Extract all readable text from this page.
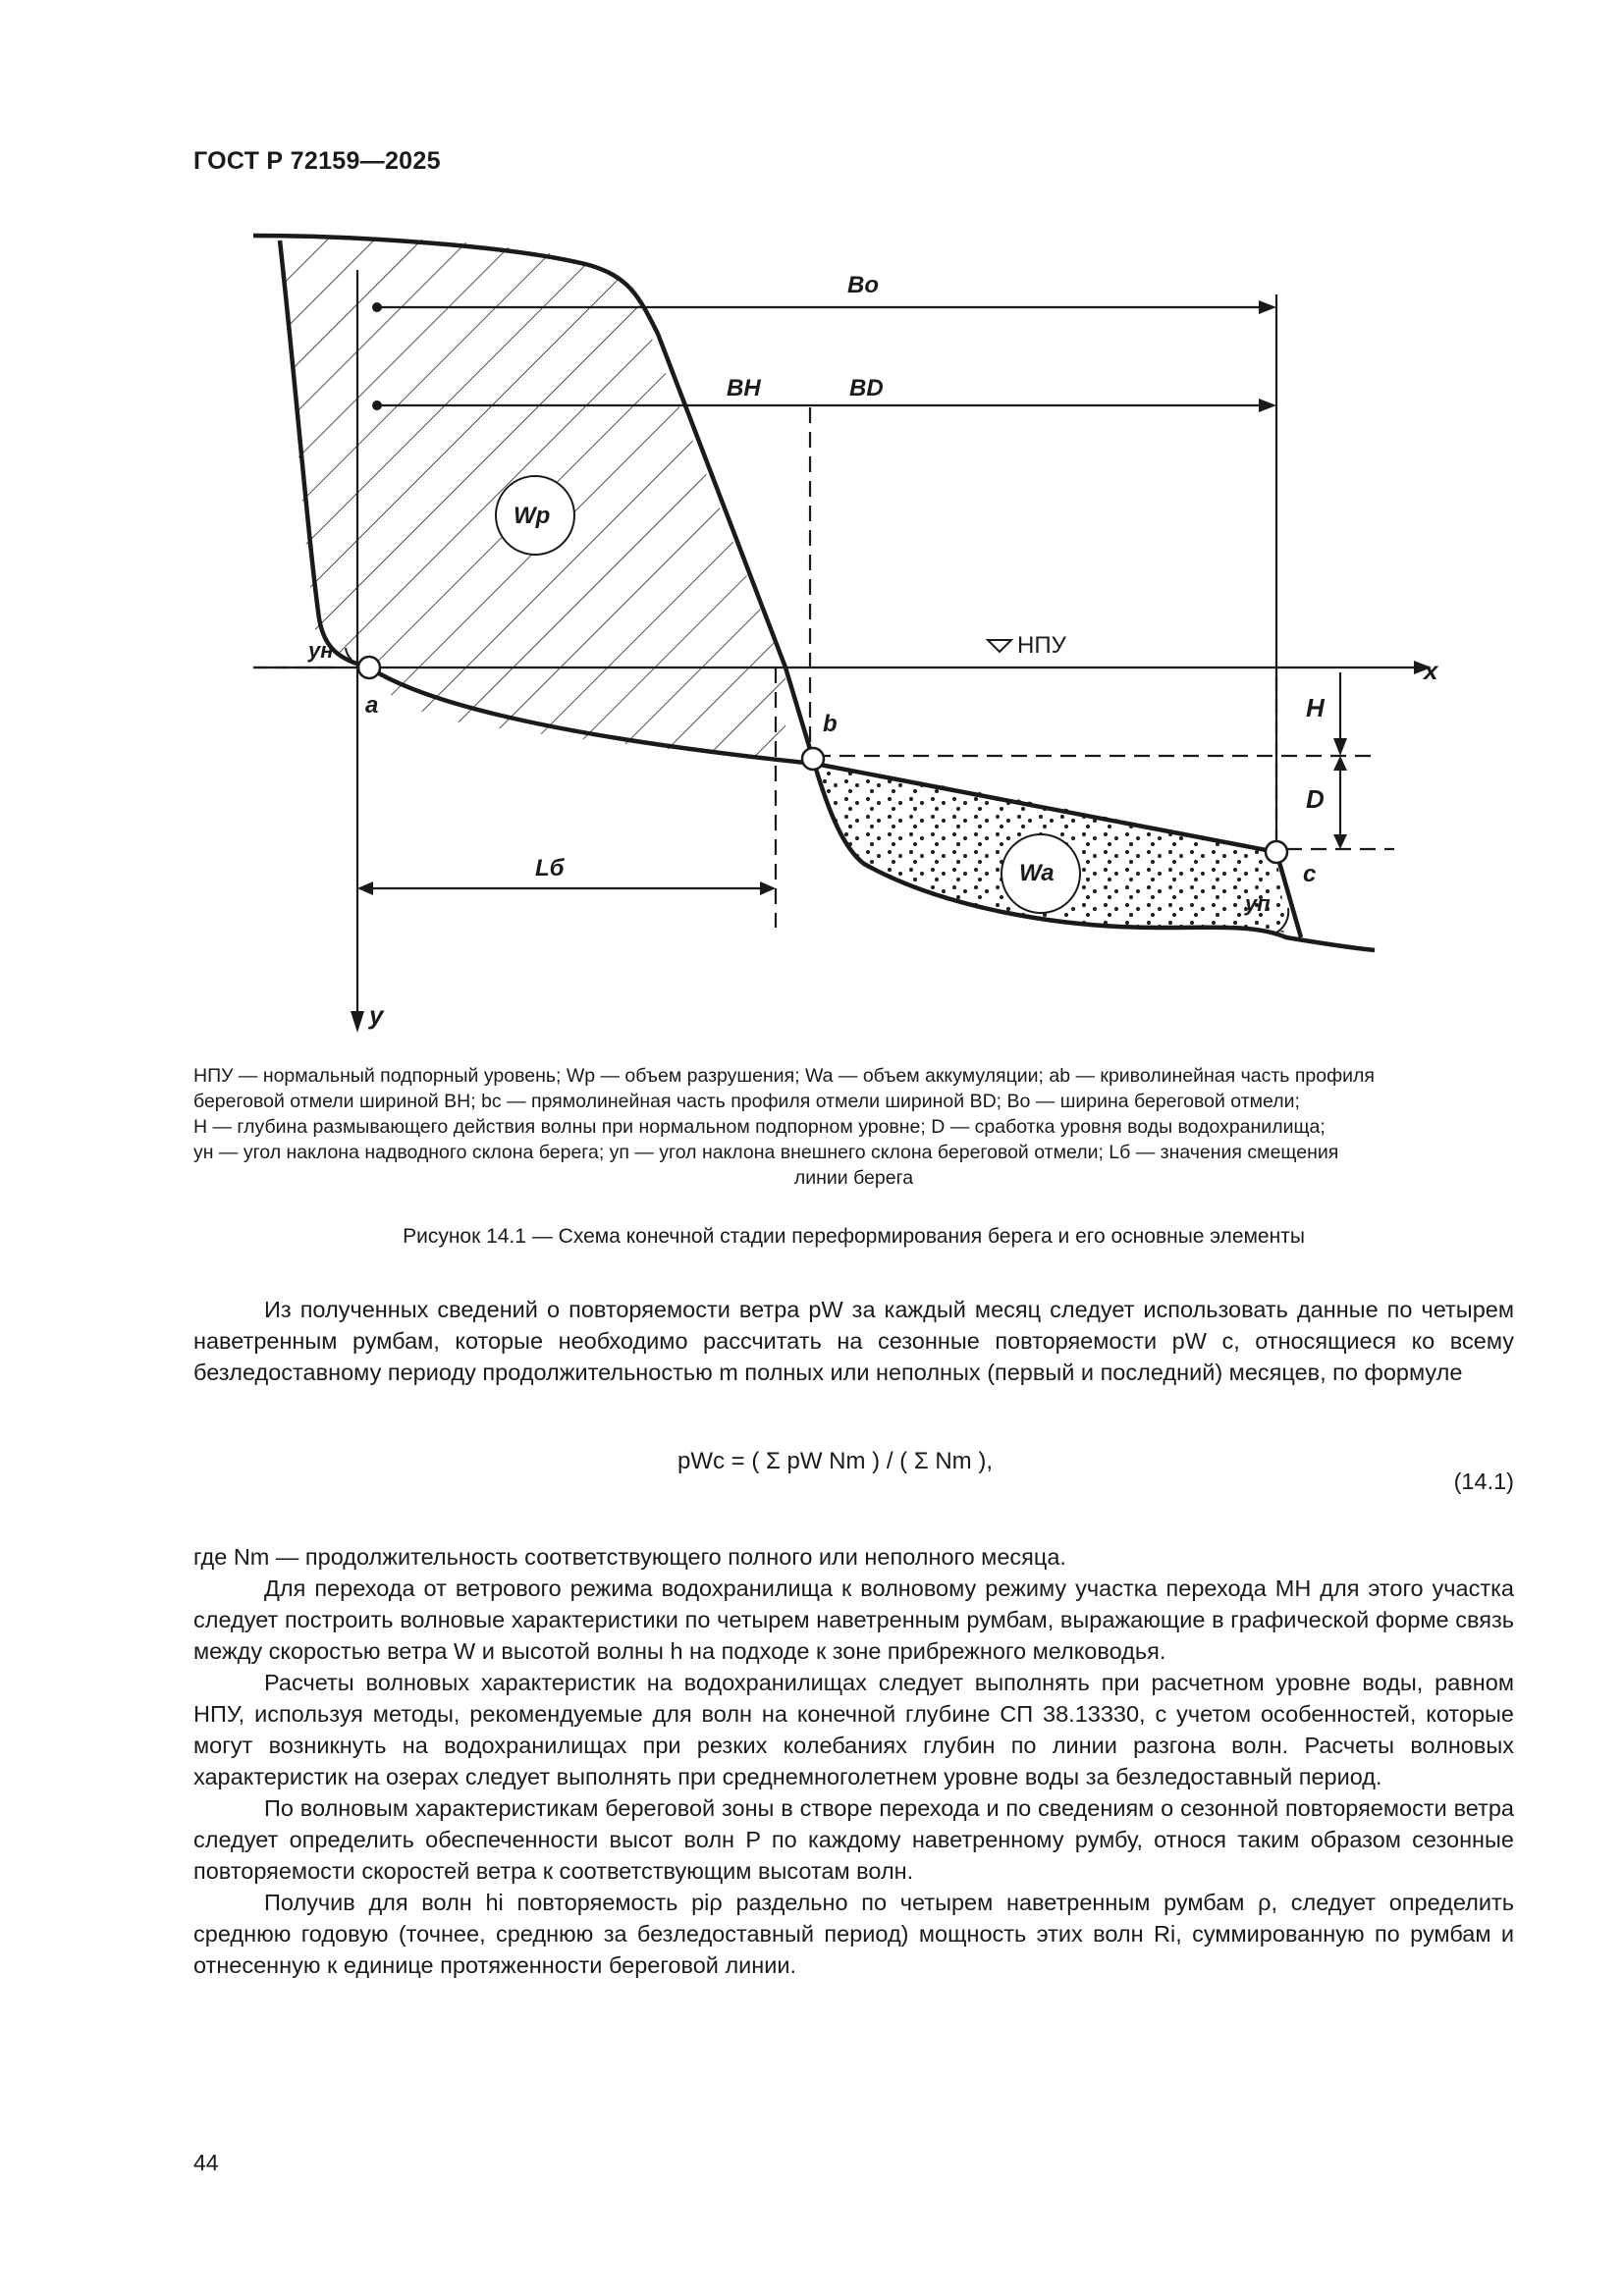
ГОСТ Р 72159—2025
Bo
BH	BD
Wp
Wa
x
y
yн
yп
a
b
c
H
D
Lб
НПУ
НПУ — нормальный подпорный уровень; Wp — объем разрушения; Wa — объем аккумуляции; ab — криволинейная часть профиля
береговой отмели шириной BH; bc — прямолинейная часть профиля отмели шириной BD; Bo — ширина береговой отмели;
H — глубина размывающего действия волны при нормальном подпорном уровне; D — сработка уровня воды водохранилища;
yн — угол наклона надводного склона берега; yп — угол наклона внешнего склона береговой отмели; Lб — значения смещения
линии берега
Рисунок 14.1 — Схема конечной стадии переформирования берега и его основные элементы

Из полученных сведений о повторяемости ветра pW за каждый месяц следует использовать данные по четырем наветренным румбам, которые необходимо рассчитать на сезонные повторяемости pW c, относящиеся ко всему безледоставному периоду продолжительностью m полных или неполных (первый и последний) месяцев, по формуле

pWc = ( Σ pW Nm ) / ( Σ Nm ),
(14.1)

где Nm — продолжительность соответствующего полного или неполного месяца.

Для перехода от ветрового режима водохранилища к волновому режиму участка перехода МН для этого участка следует построить волновые характеристики по четырем наветренным румбам, выражающие в графической форме связь между скоростью ветра W и высотой волны h на подходе к зоне прибрежного мелководья.

Расчеты волновых характеристик на водохранилищах следует выполнять при расчетном уровне воды, равном НПУ, используя методы, рекомендуемые для волн на конечной глубине СП 38.13330, с учетом особенностей, которые могут возникнуть на водохранилищах при резких колебаниях глубин по линии разгона волн. Расчеты волновых характеристик на озерах следует выполнять при среднемноголетнем уровне воды за безледоставный период.

По волновым характеристикам береговой зоны в створе перехода и по сведениям о сезонной повторяемости ветра следует определить обеспеченности высот волн P по каждому наветренному румбу, относя таким образом сезонные повторяемости скоростей ветра к соответствующим высотам волн.

Получив для волн hi повторяемость piρ раздельно по четырем наветренным румбам ρ, следует определить среднюю годовую (точнее, среднюю за безледоставный период) мощность этих волн Ri, суммированную по румбам и отнесенную к единице протяженности береговой линии.

44
